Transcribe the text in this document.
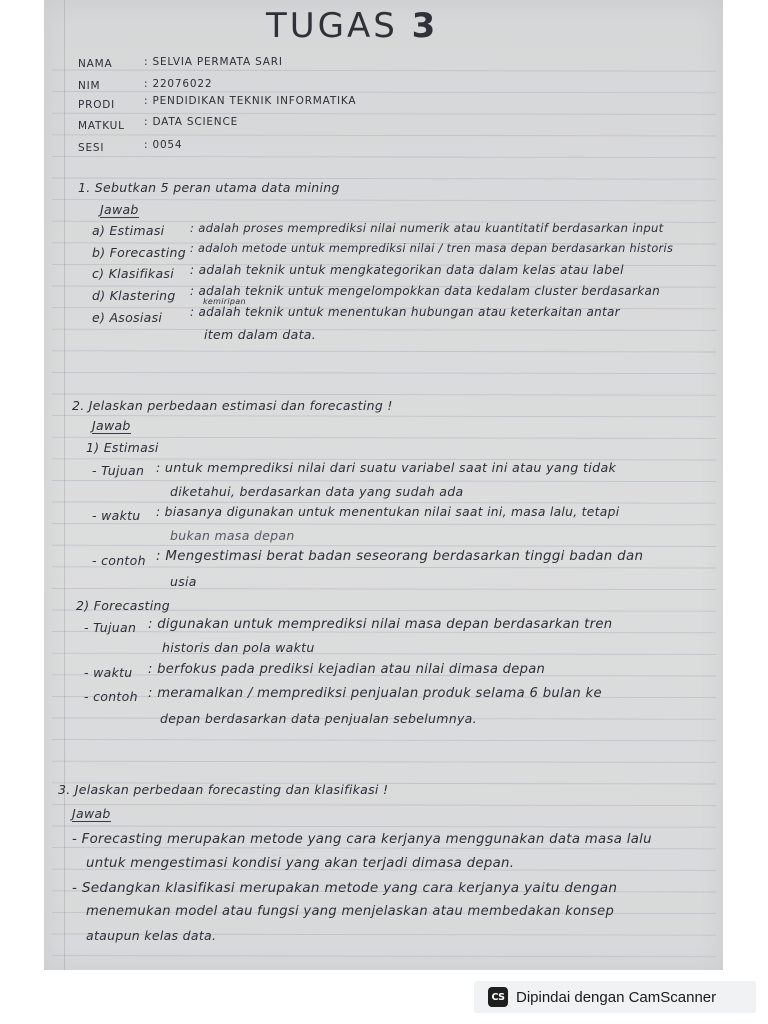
TUGAS 3
NAMA	: SELVIA PERMATA SARI
NIM	: 22076022
PRODI	: PENDIDIKAN TEKNIK INFORMATIKA
MATKUL : DATA SCIENCE
SESI	: 0054
1. Sebutkan 5 peran utama data mining
Jawab
a) Estimasi : adalah proses memprediksi nilai numerik atau kuantitatif berdasarkan input
b) Forecasting : adaloh metode untuk memprediksi nilai / tren masa depan berdasarkan historis
c) Klasifikasi : adalah teknik untuk mengkategorikan data dalam kelas atau label
d) Klastering : adalah teknik untuk mengelompokkan data kedalam cluster berdasarkan
kemiripan
e) Asosiasi : adalah teknik untuk menentukan hubungan atau keterkaitan antar
item dalam data.
2. Jelaskan perbedaan estimasi dan forecasting !
Jawab
1) Estimasi
- Tujuan : untuk memprediksi nilai dari suatu variabel saat ini atau yang tidak
diketahui, berdasarkan data yang sudah ada
- waktu : biasanya digunakan untuk menentukan nilai saat ini, masa lalu, tetapi
bukan masa depan
- contoh : Mengestimasi berat badan seseorang berdasarkan tinggi badan dan
usia
2) Forecasting
- Tujuan : digunakan untuk memprediksi nilai masa depan berdasarkan tren
historis dan pola waktu
- waktu : berfokus pada prediksi kejadian atau nilai dimasa depan
- contoh : meramalkan / memprediksi penjualan produk selama 6 bulan ke
depan berdasarkan data penjualan sebelumnya.
3. Jelaskan perbedaan forecasting dan klasifikasi !
Jawab
- Forecasting merupakan metode yang cara kerjanya menggunakan data masa lalu
untuk mengestimasi kondisi yang akan terjadi dimasa depan.
- Sedangkan klasifikasi merupakan metode yang cara kerjanya yaitu dengan
menemukan model atau fungsi yang menjelaskan atau membedakan konsep
ataupun kelas data.
CS Dipindai dengan CamScanner
